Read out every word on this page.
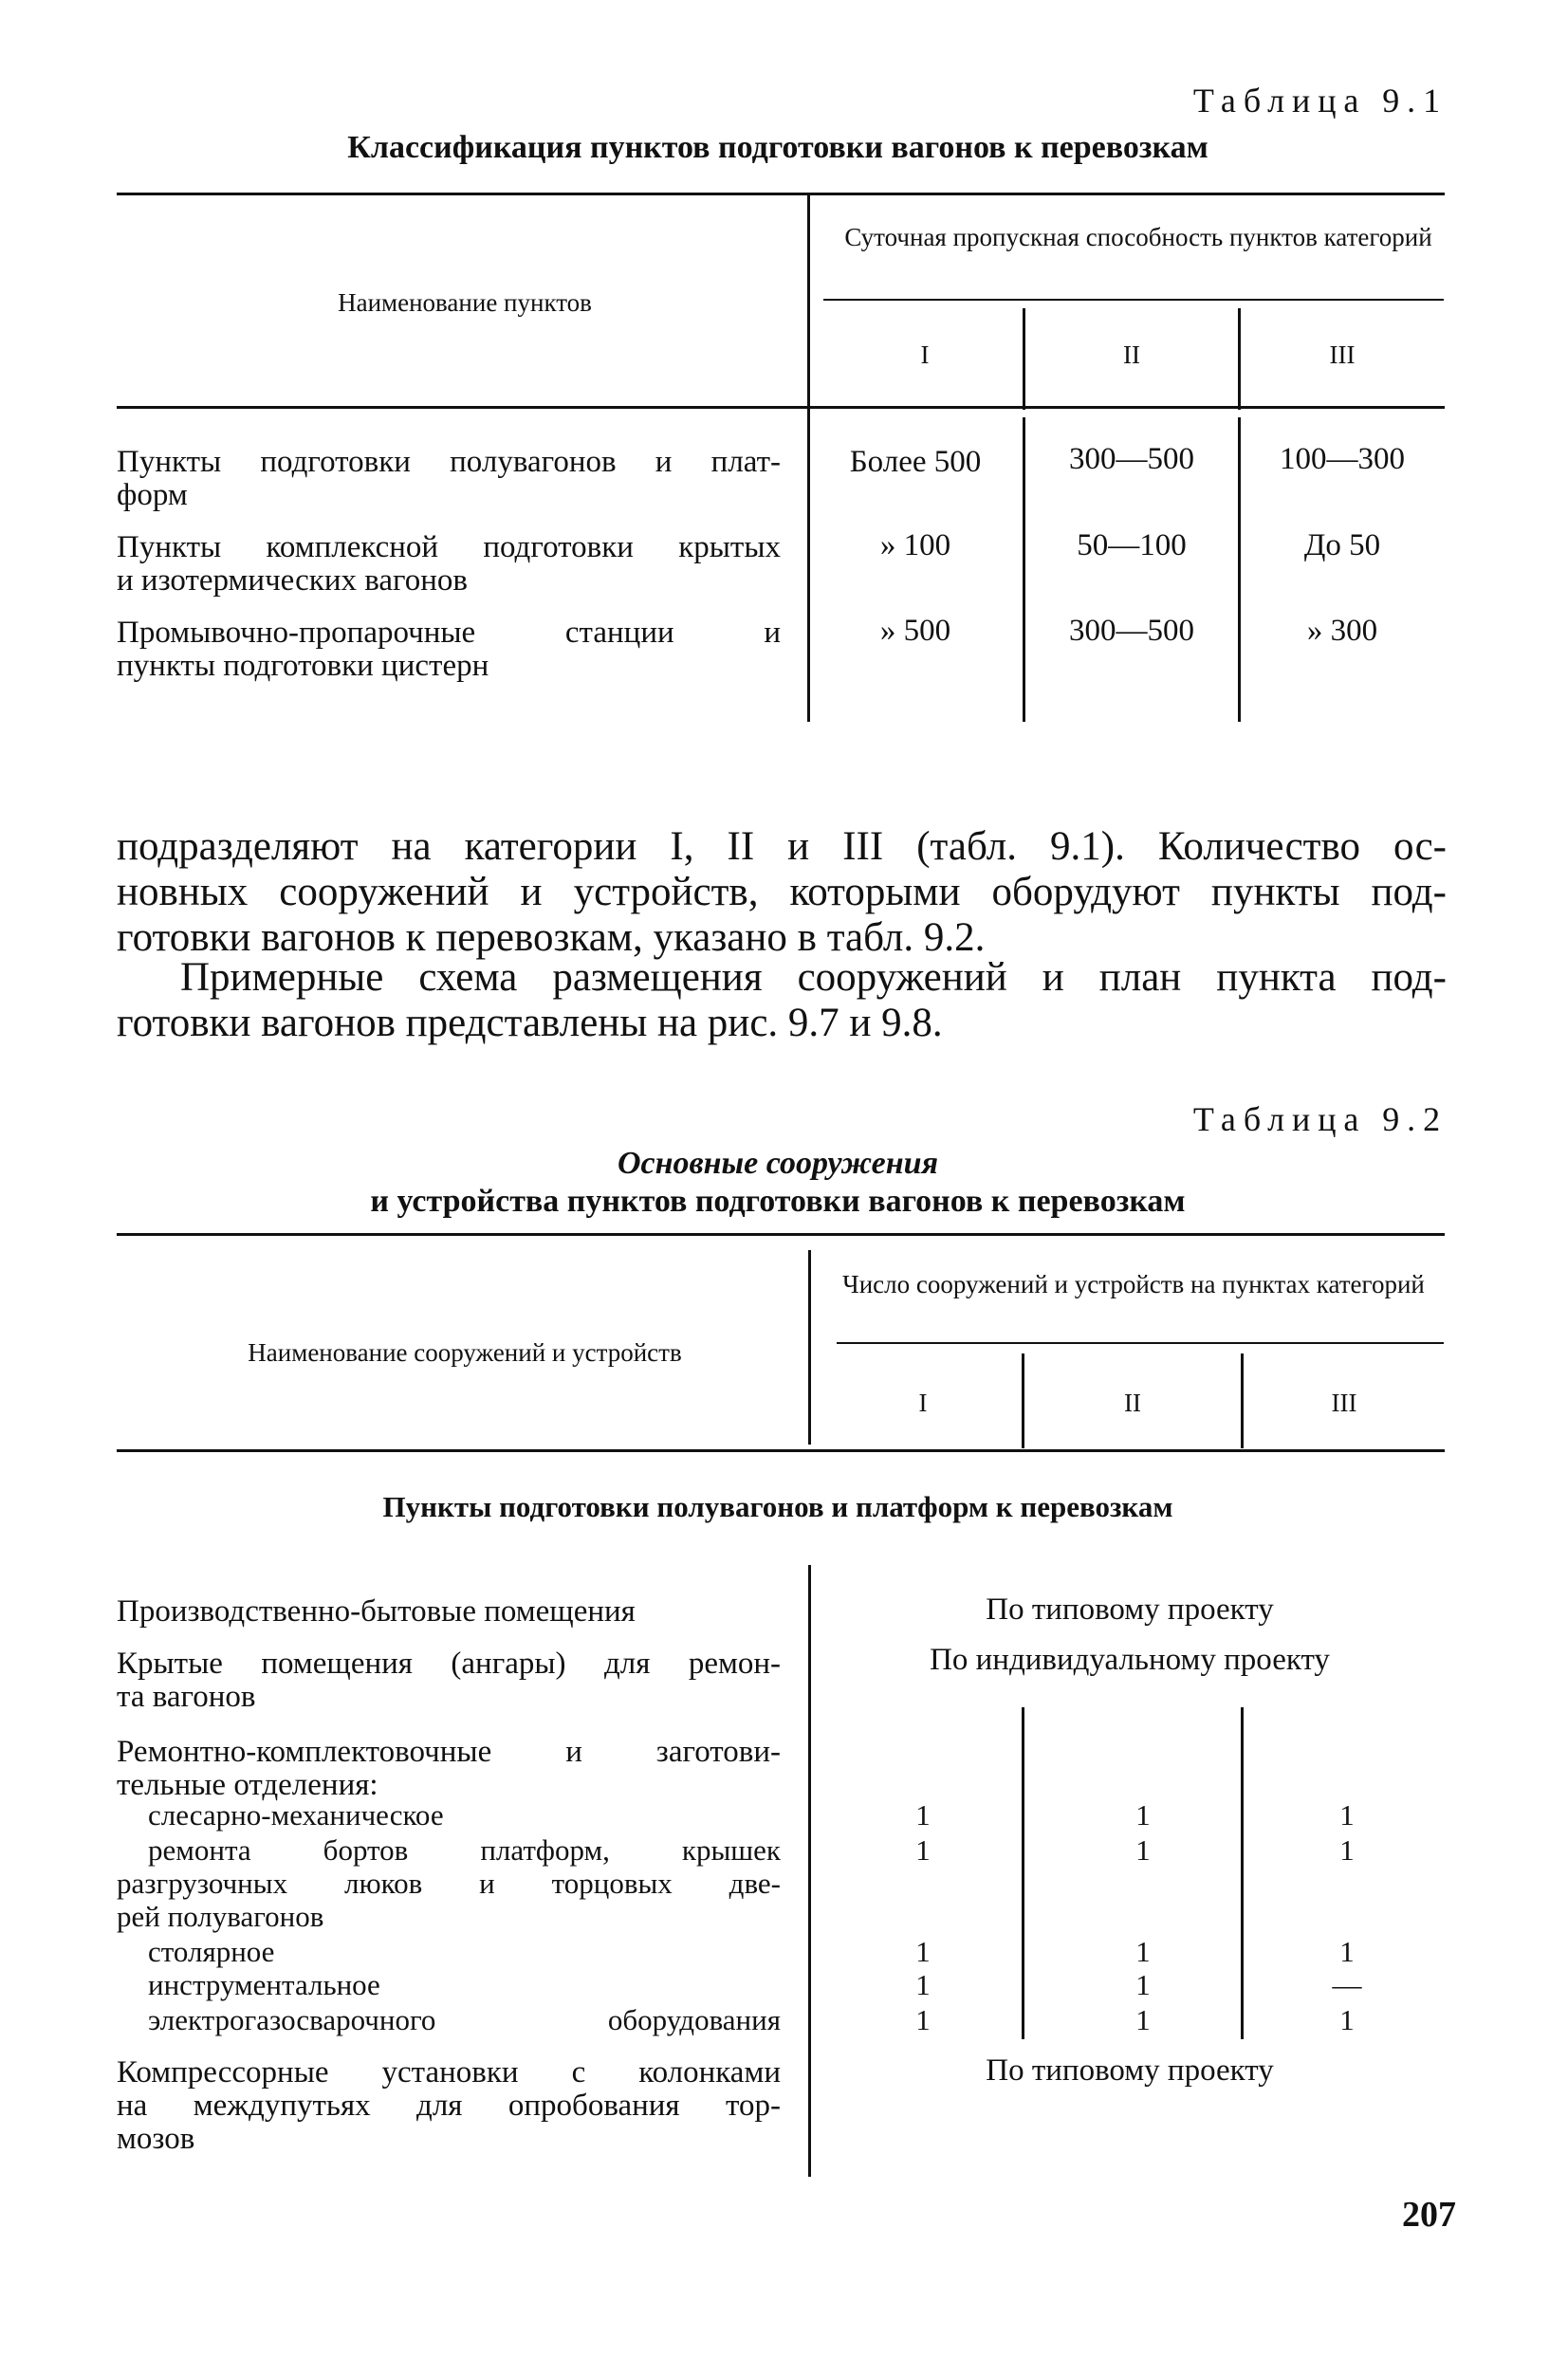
Таблица 9.1
Классификация пунктов подготовки вагонов к перевозкам
Наименование пунктов
Суточная пропускная способность пунктов категорий
I	II	III
Пункты подготовки полувагонов и плат-
форм
Более 500	300—500	100—300
Пункты комплексной подготовки крытых
и изотермических вагонов
» 100	50—100	До 50
Промывочно-пропарочные станции и
пункты подготовки цистерн
» 500	300—500	» 300
подразделяют на категории I, II и III (табл. 9.1). Количество ос-
новных сооружений и устройств, которыми оборудуют пункты под-
готовки вагонов к перевозкам, указано в табл. 9.2.
Примерные схема размещения сооружений и план пункта под-
готовки вагонов представлены на рис. 9.7 и 9.8.
Таблица 9.2
Основные сооружения
и устройства пунктов подготовки вагонов к перевозкам
Наименование сооружений и устройств
Число сооружений и устройств на пунктах категорий
I	II	III
Пункты подготовки полувагонов и платформ к перевозкам
Производственно-бытовые помещения	По типовому проекту
Крытые помещения (ангары) для ремон-
та вагонов
По индивидуальному проекту
Ремонтно-комплектовочные и заготови-
тельные отделения:
слесарно-механическое	1	1	1
ремонта бортов платформ, крышек
разгрузочных люков и торцовых две-
рей полувагонов
1	1	1
столярное	1	1	1
инструментальное	1	1	—
электрогазосварочного оборудования	1	1	1
Компрессорные установки с колонками
на междупутьях для опробования тор-
мозов
По типовому проекту
207
